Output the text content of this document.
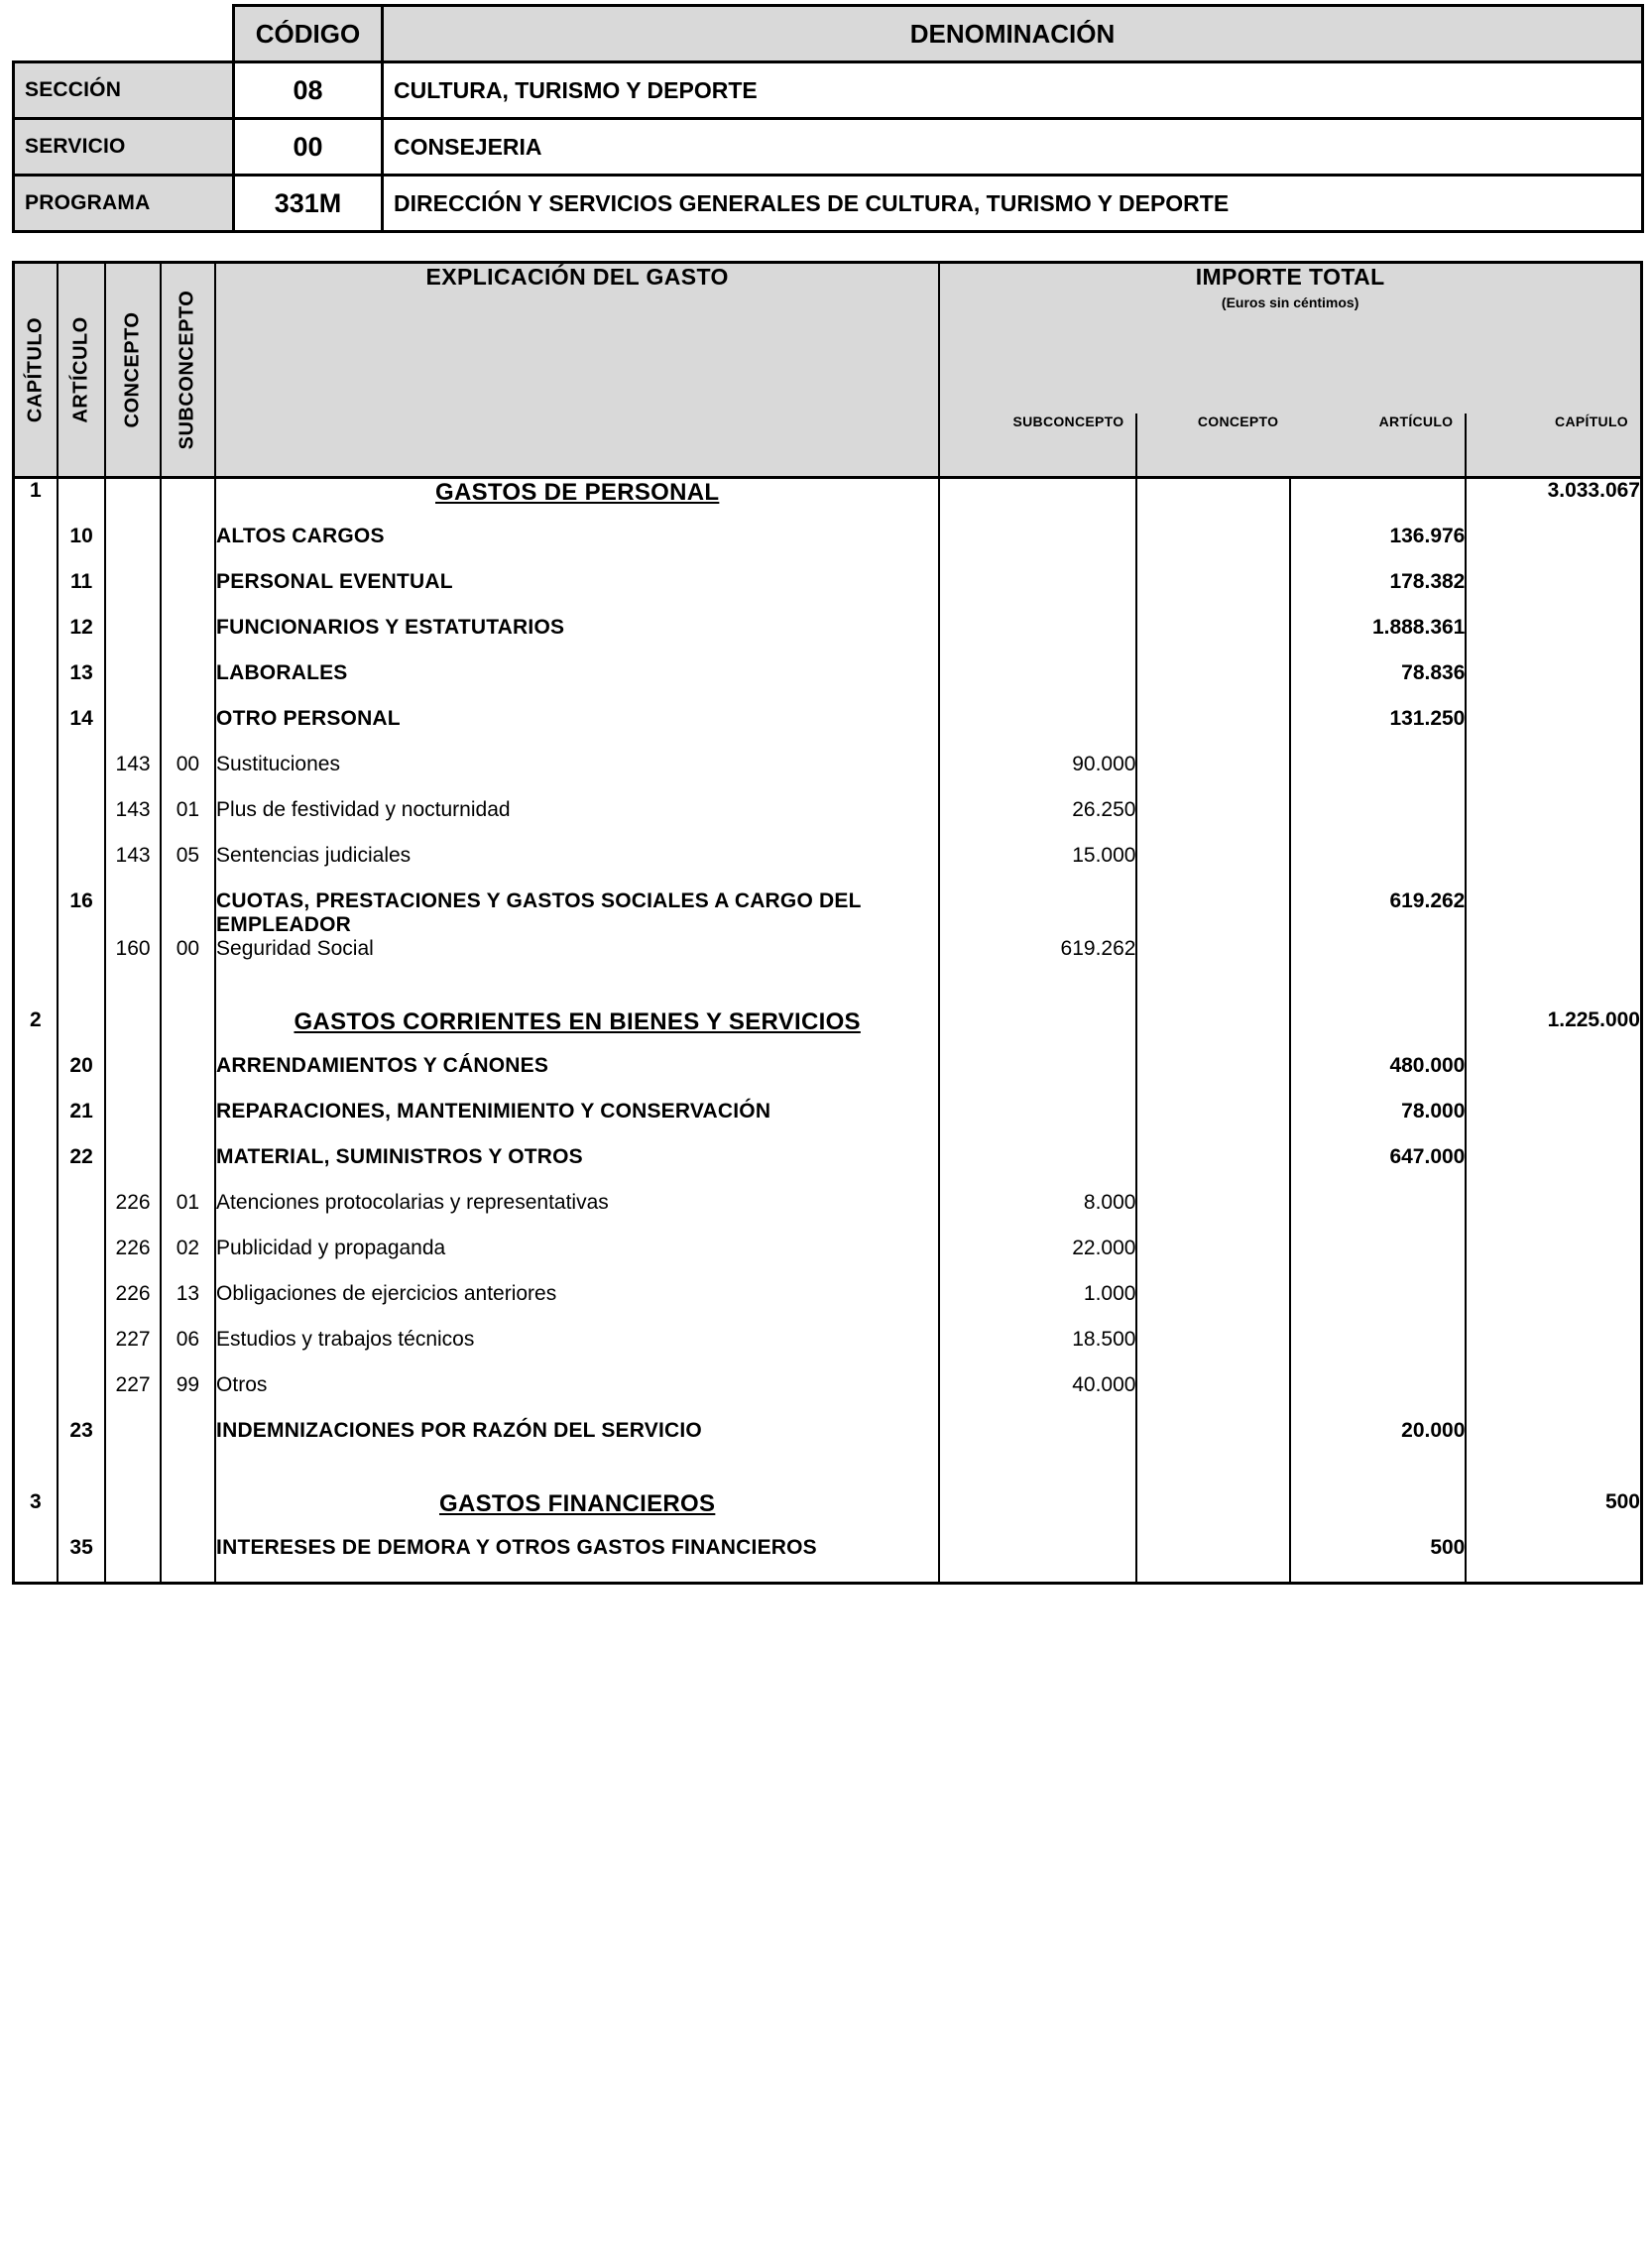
	CÓDIGO	DENOMINACIÓN
SECCIÓN	08	CULTURA, TURISMO Y DEPORTE
SERVICIO	00	CONSEJERIA
PROGRAMA	331M	DIRECCIÓN Y SERVICIOS GENERALES DE CULTURA, TURISMO Y DEPORTE
CAPÍTULO	ARTÍCULO	CONCEPTO	SUBCONCEPTO	EXPLICACIÓN DEL GASTO	IMPORTE TOTAL
(Euros sin céntimos)			

					SUBCONCEPTO	CONCEPTO	ARTÍCULO	CAPÍTULO
1				GASTOS DE PERSONAL				3.033.067
	10			ALTOS CARGOS			136.976	
	11			PERSONAL EVENTUAL			178.382	
	12			FUNCIONARIOS Y ESTATUTARIOS			1.888.361	
	13			LABORALES			78.836	
	14			OTRO PERSONAL			131.250	
		143	00	Sustituciones	90.000			
		143	01	Plus de festividad y nocturnidad	26.250			
		143	05	Sentencias judiciales	15.000			
	16			CUOTAS, PRESTACIONES Y GASTOS SOCIALES A CARGO DEL EMPLEADOR			619.262	
		160	00	Seguridad Social	619.262			

2				GASTOS CORRIENTES EN BIENES Y SERVICIOS				1.225.000
	20			ARRENDAMIENTOS Y CÁNONES			480.000	
	21			REPARACIONES, MANTENIMIENTO Y CONSERVACIÓN			78.000	
	22			MATERIAL, SUMINISTROS Y OTROS			647.000	
		226	01	Atenciones protocolarias y representativas	8.000			
		226	02	Publicidad y propaganda	22.000			
		226	13	Obligaciones de ejercicios anteriores	1.000			
		227	06	Estudios y trabajos técnicos	18.500			
		227	99	Otros	40.000			
	23			INDEMNIZACIONES POR RAZÓN DEL SERVICIO			20.000	

3				GASTOS FINANCIEROS				500
	35			INTERESES DE DEMORA Y OTROS GASTOS FINANCIEROS			500	
